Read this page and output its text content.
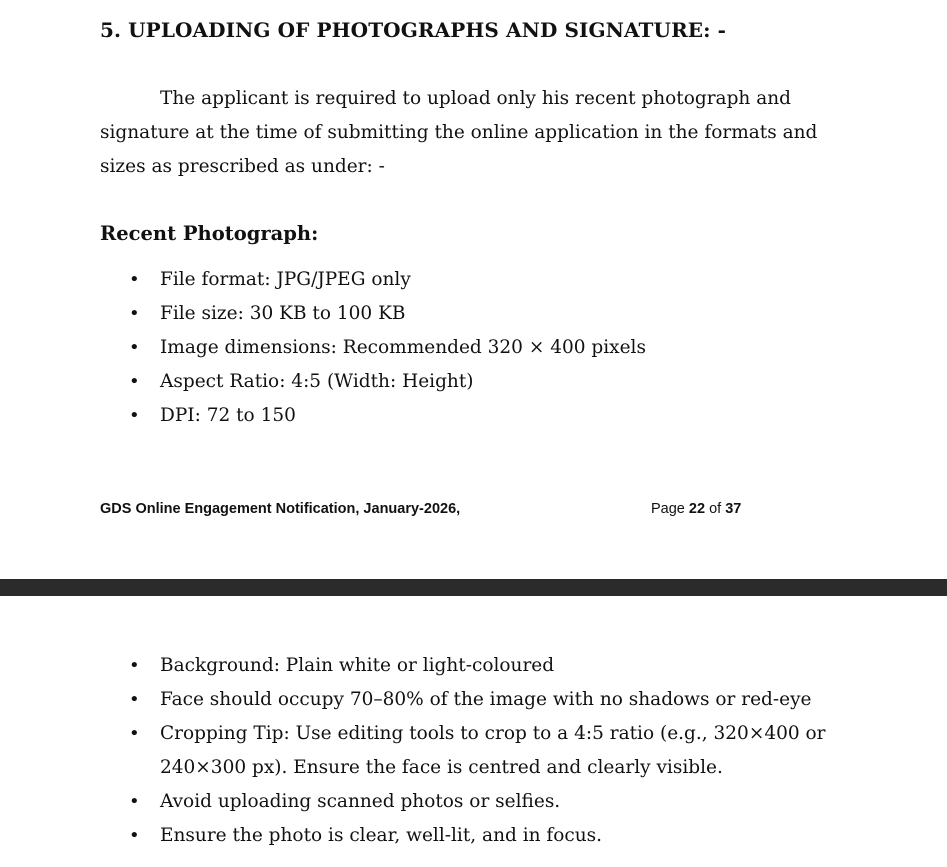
5. UPLOADING OF PHOTOGRAPHS AND SIGNATURE: -

The applicant is required to upload only his recent photograph and signature at the time of submitting the online application in the formats and sizes as prescribed as under: -

Recent Photograph:
• File format: JPG/JPEG only
• File size: 30 KB to 100 KB
• Image dimensions: Recommended 320 × 400 pixels
• Aspect Ratio: 4:5 (Width: Height)
• DPI: 72 to 150
GDS Online Engagement Notification, January-2026,	Page 22 of 37
• Background: Plain white or light-coloured
• Face should occupy 70–80% of the image with no shadows or red-eye
• Cropping Tip: Use editing tools to crop to a 4:5 ratio (e.g., 320×400 or 240×300 px). Ensure the face is centred and clearly visible.
• Avoid uploading scanned photos or selfies.
• Ensure the photo is clear, well-lit, and in focus.
